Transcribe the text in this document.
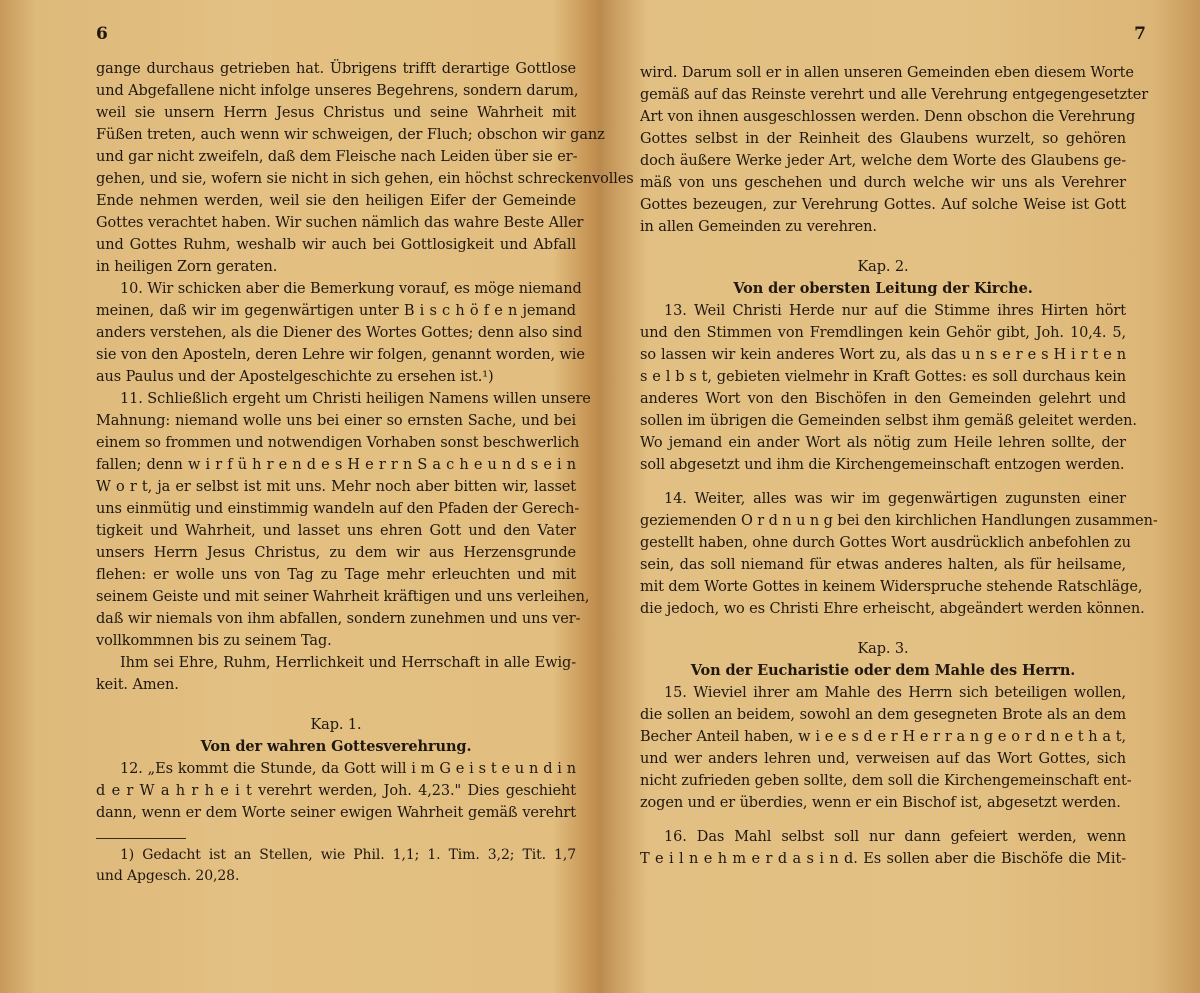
6
gange durchaus getrieben hat. Übrigens trifft derartige Gottlose
und Abgefallene nicht infolge unseres Begehrens, sondern darum,
weil sie unsern Herrn Jesus Christus und seine Wahrheit mit
Füßen treten, auch wenn wir schweigen, der Fluch; obschon wir ganz
und gar nicht zweifeln, daß dem Fleische nach Leiden über sie er-
gehen, und sie, wofern sie nicht in sich gehen, ein höchst schreckenvolles
Ende nehmen werden, weil sie den heiligen Eifer der Gemeinde
Gottes verachtet haben. Wir suchen nämlich das wahre Beste Aller
und Gottes Ruhm, weshalb wir auch bei Gottlosigkeit und Abfall
in heiligen Zorn geraten.
10. Wir schicken aber die Bemerkung vorauf, es möge niemand
meinen, daß wir im gegenwärtigen unter B i s c h ö f e n jemand
anders verstehen, als die Diener des Wortes Gottes; denn also sind
sie von den Aposteln, deren Lehre wir folgen, genannt worden, wie
aus Paulus und der Apostelgeschichte zu ersehen ist.¹)
11. Schließlich ergeht um Christi heiligen Namens willen unsere
Mahnung: niemand wolle uns bei einer so ernsten Sache, und bei
einem so frommen und notwendigen Vorhaben sonst beschwerlich
fallen; denn w i r f ü h r e n d e s H e r r n S a c h e u n d s e i n
W o r t, ja er selbst ist mit uns. Mehr noch aber bitten wir, lasset
uns einmütig und einstimmig wandeln auf den Pfaden der Gerech-
tigkeit und Wahrheit, und lasset uns ehren Gott und den Vater
unsers Herrn Jesus Christus, zu dem wir aus Herzensgrunde
flehen: er wolle uns von Tag zu Tage mehr erleuchten und mit
seinem Geiste und mit seiner Wahrheit kräftigen und uns verleihen,
daß wir niemals von ihm abfallen, sondern zunehmen und uns ver-
vollkommnen bis zu seinem Tag.
Ihm sei Ehre, Ruhm, Herrlichkeit und Herrschaft in alle Ewig-
keit. Amen.
Kap. 1.
Von der wahren Gottesverehrung.
12. „Es kommt die Stunde, da Gott will i m G e i s t e u n d i n
d e r W a h r h e i t verehrt werden, Joh. 4,23." Dies geschieht
dann, wenn er dem Worte seiner ewigen Wahrheit gemäß verehrt
1) Gedacht ist an Stellen, wie Phil. 1,1; 1. Tim. 3,2; Tit. 1,7
und Apgesch. 20,28.
7
wird. Darum soll er in allen unseren Gemeinden eben diesem Worte
gemäß auf das Reinste verehrt und alle Verehrung entgegengesetzter
Art von ihnen ausgeschlossen werden. Denn obschon die Verehrung
Gottes selbst in der Reinheit des Glaubens wurzelt, so gehören
doch äußere Werke jeder Art, welche dem Worte des Glaubens ge-
mäß von uns geschehen und durch welche wir uns als Verehrer
Gottes bezeugen, zur Verehrung Gottes. Auf solche Weise ist Gott
in allen Gemeinden zu verehren.
Kap. 2.
Von der obersten Leitung der Kirche.
13. Weil Christi Herde nur auf die Stimme ihres Hirten hört
und den Stimmen von Fremdlingen kein Gehör gibt, Joh. 10,4. 5,
so lassen wir kein anderes Wort zu, als das u n s e r e s H i r t e n
s e l b s t, gebieten vielmehr in Kraft Gottes: es soll durchaus kein
anderes Wort von den Bischöfen in den Gemeinden gelehrt und
sollen im übrigen die Gemeinden selbst ihm gemäß geleitet werden.
Wo jemand ein ander Wort als nötig zum Heile lehren sollte, der
soll abgesetzt und ihm die Kirchengemeinschaft entzogen werden.
14. Weiter, alles was wir im gegenwärtigen zugunsten einer
geziemenden O r d n u n g bei den kirchlichen Handlungen zusammen-
gestellt haben, ohne durch Gottes Wort ausdrücklich anbefohlen zu
sein, das soll niemand für etwas anderes halten, als für heilsame,
mit dem Worte Gottes in keinem Widerspruche stehende Ratschläge,
die jedoch, wo es Christi Ehre erheischt, abgeändert werden können.
Kap. 3.
Von der Eucharistie oder dem Mahle des Herrn.
15. Wieviel ihrer am Mahle des Herrn sich beteiligen wollen,
die sollen an beidem, sowohl an dem gesegneten Brote als an dem
Becher Anteil haben, w i e e s d e r H e r r a n g e o r d n e t h a t,
und wer anders lehren und, verweisen auf das Wort Gottes, sich
nicht zufrieden geben sollte, dem soll die Kirchengemeinschaft ent-
zogen und er überdies, wenn er ein Bischof ist, abgesetzt werden.
16. Das Mahl selbst soll nur dann gefeiert werden, wenn
T e i l n e h m e r d a s i n d. Es sollen aber die Bischöfe die Mit-
